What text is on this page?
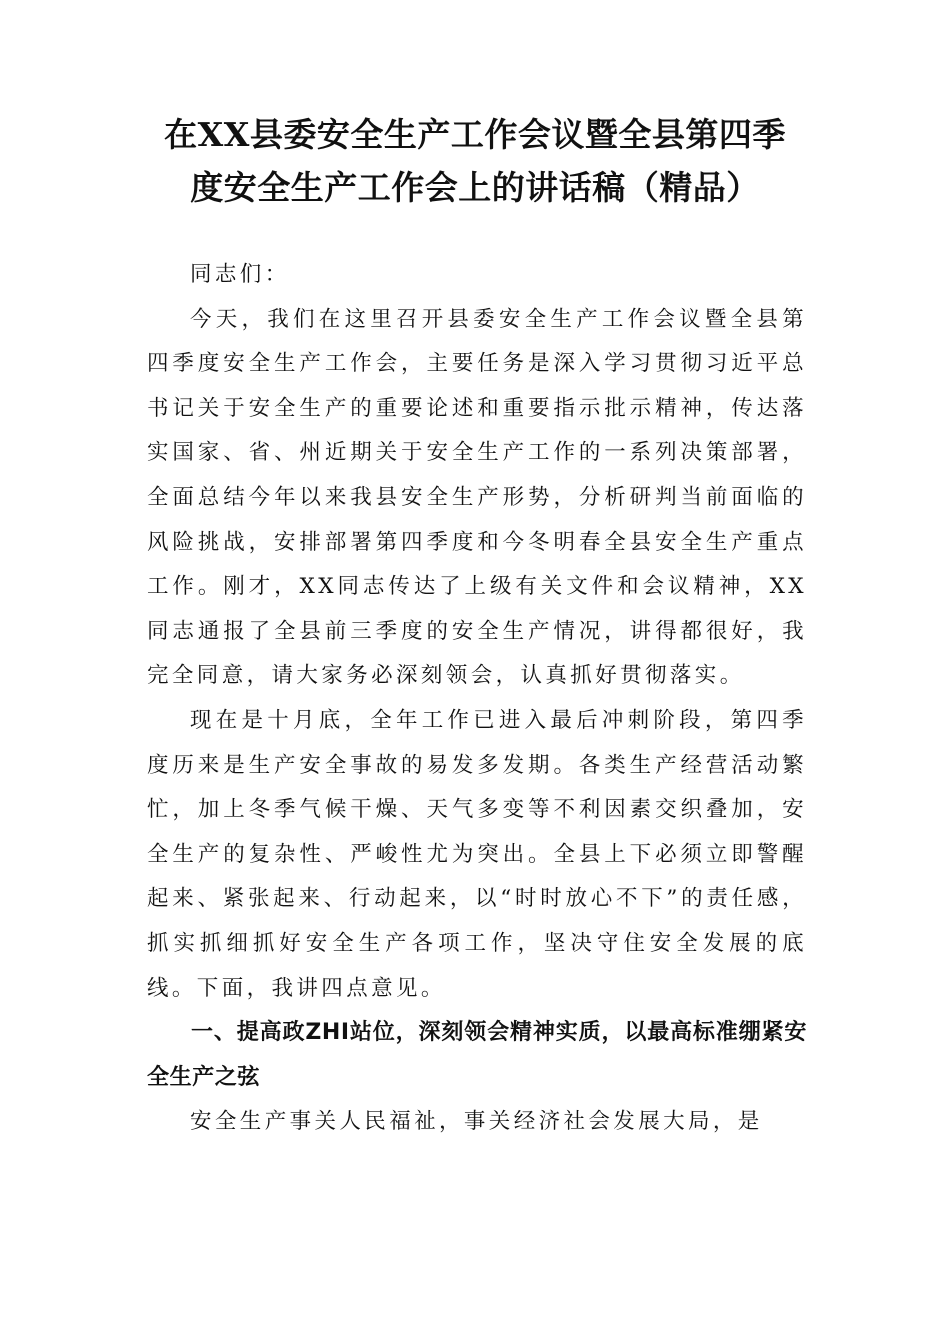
在XX县委安全生产工作会议暨全县第四季
度安全生产工作会上的讲话稿（精品）

同志们：

今天，我们在这里召开县委安全生产工作会议暨全县第四季度安全生产工作会，主要任务是深入学习贯彻习近平总书记关于安全生产的重要论述和重要指示批示精神，传达落实国家、省、州近期关于安全生产工作的一系列决策部署，全面总结今年以来我县安全生产形势，分析研判当前面临的风险挑战，安排部署第四季度和今冬明春全县安全生产重点工作。刚才，XX同志传达了上级有关文件和会议精神，XX同志通报了全县前三季度的安全生产情况，讲得都很好，我完全同意，请大家务必深刻领会，认真抓好贯彻落实。

现在是十月底，全年工作已进入最后冲刺阶段，第四季度历来是生产安全事故的易发多发期。各类生产经营活动繁忙，加上冬季气候干燥、天气多变等不利因素交织叠加，安全生产的复杂性、严峻性尤为突出。全县上下必须立即警醒起来、紧张起来、行动起来，以“时时放心不下”的责任感，抓实抓细抓好安全生产各项工作，坚决守住安全发展的底线。下面，我讲四点意见。

一、提高政ZHI站位，深刻领会精神实质，以最高标准绷紧安全生产之弦

安全生产事关人民福祉，事关经济社会发展大局，是
